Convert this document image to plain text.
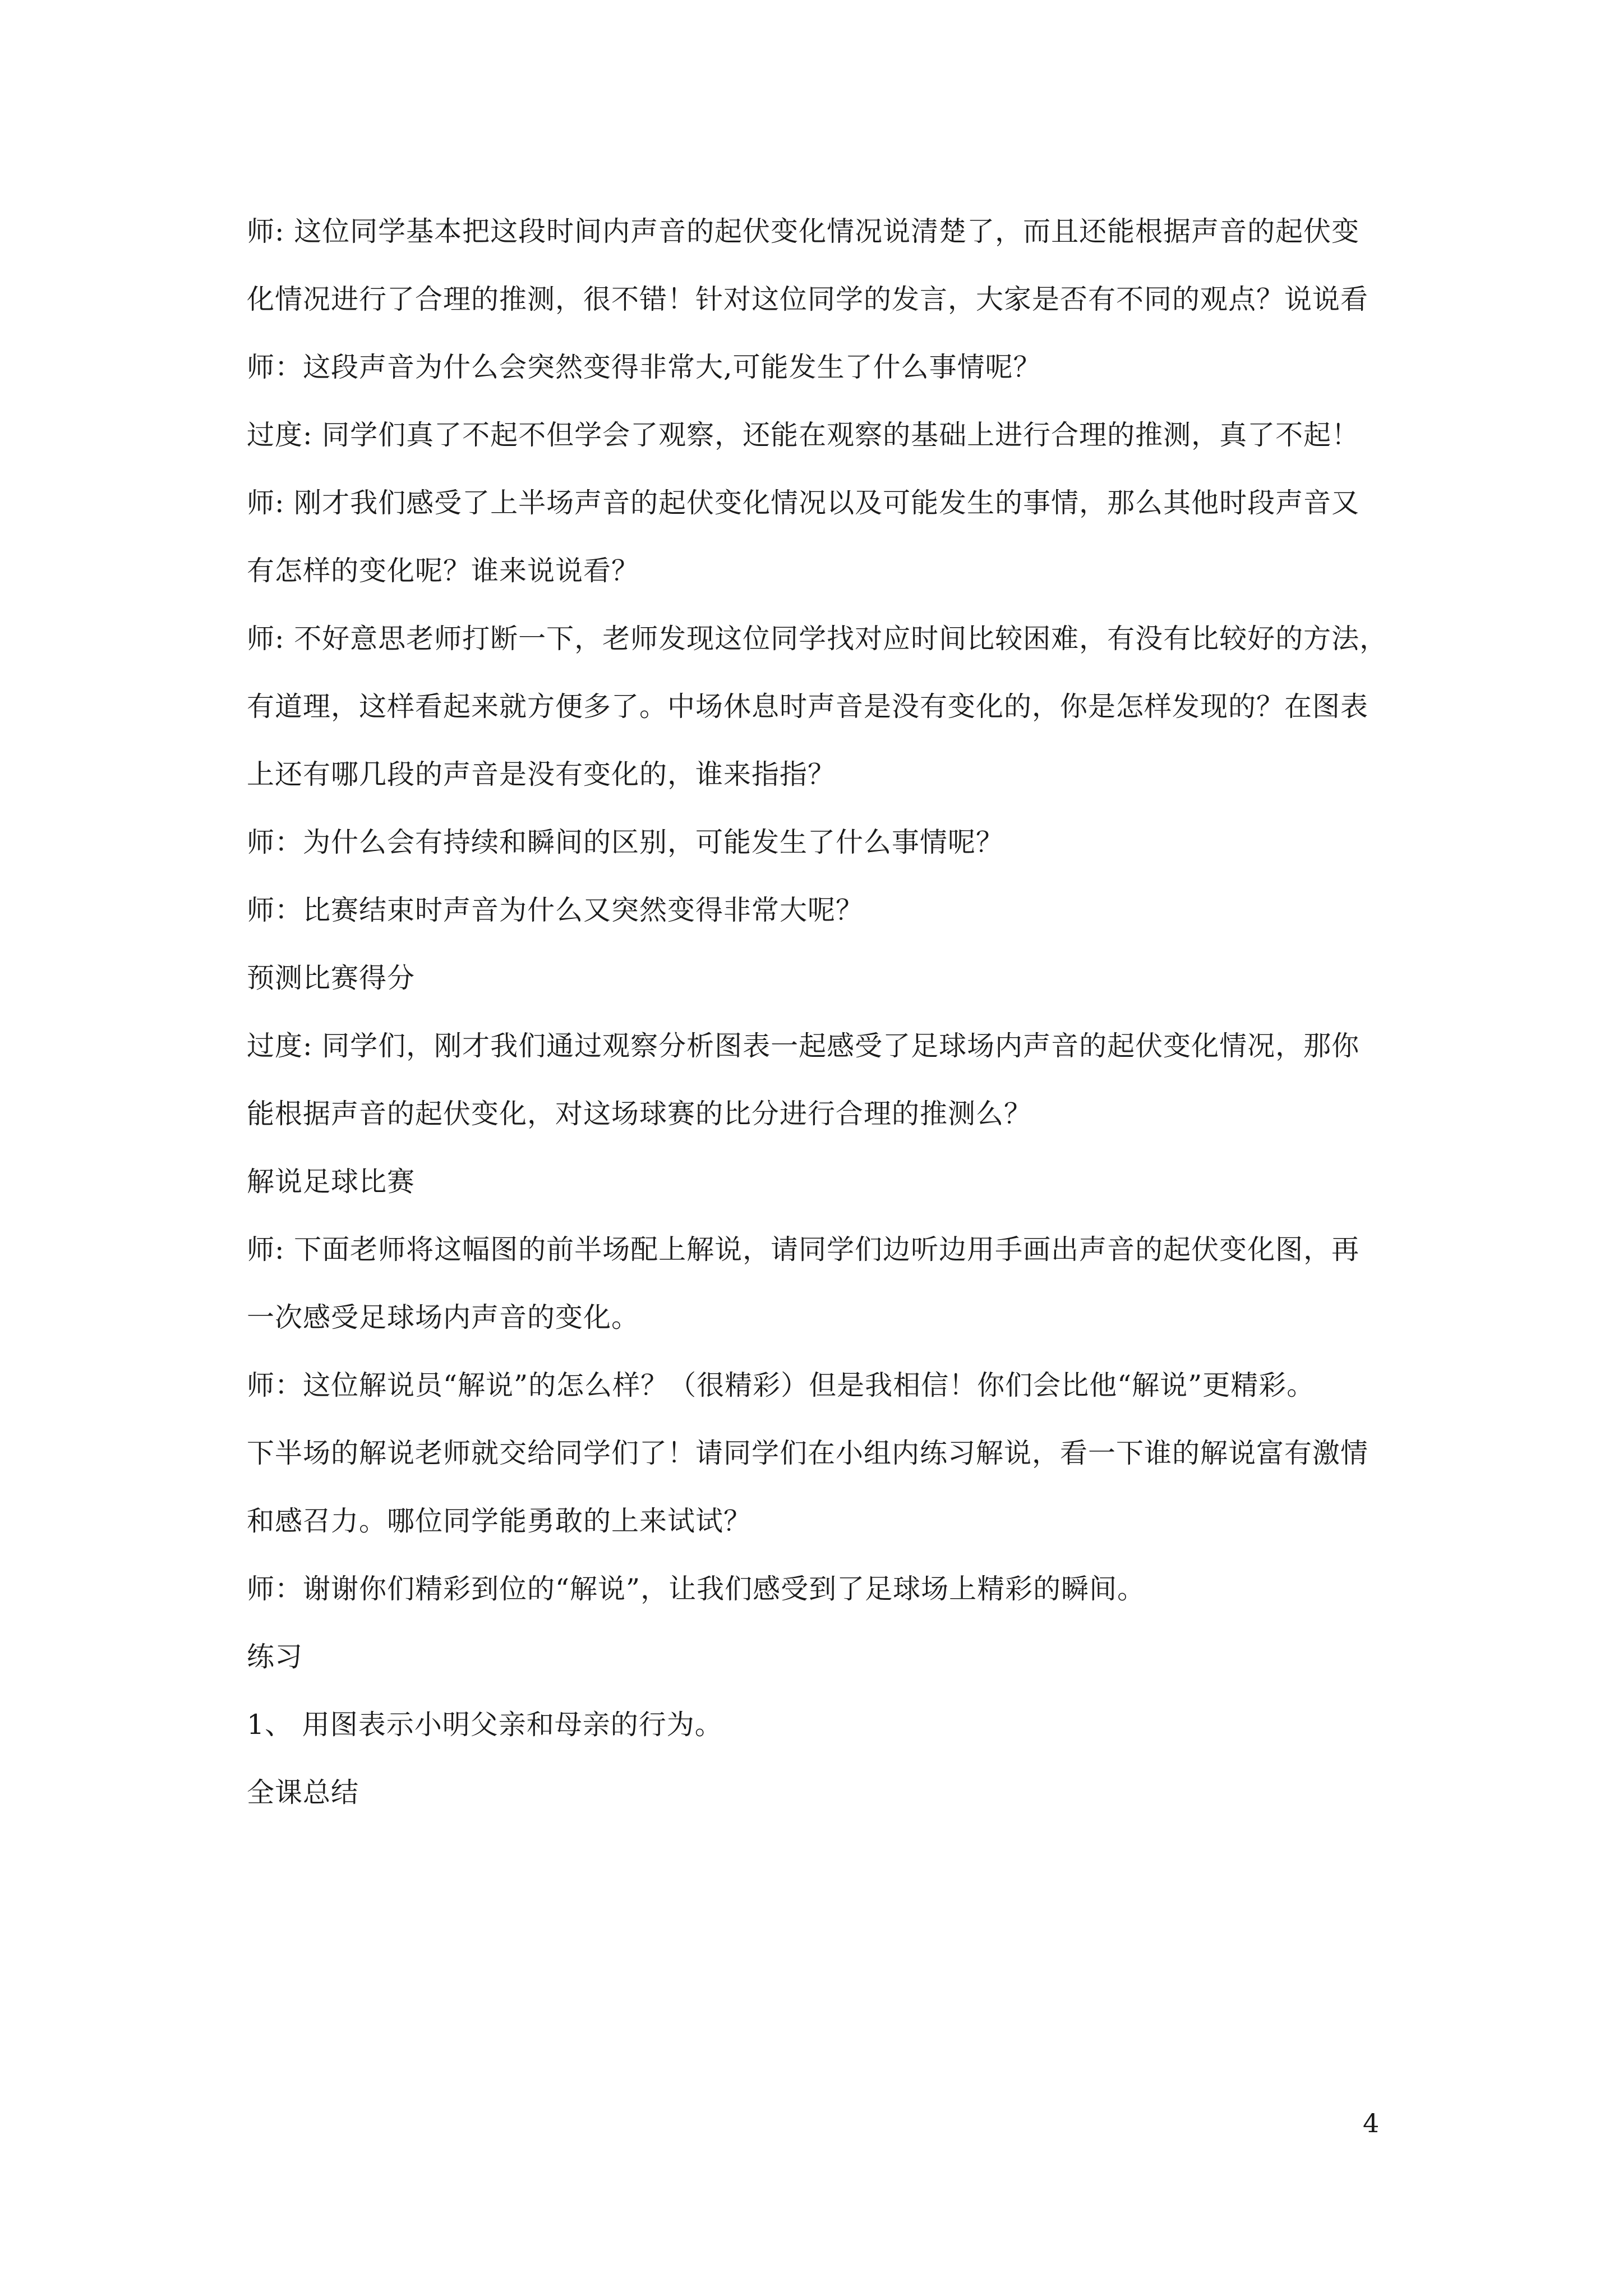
师: 这位同学基本把这段时间内声音的起伏变化情况说清楚了，而且还能根据声音的起伏变

化情况进行了合理的推测，很不错！针对这位同学的发言，大家是否有不同的观点？说说看

师：这段声音为什么会突然变得非常大,可能发生了什么事情呢？

过度: 同学们真了不起不但学会了观察，还能在观察的基础上进行合理的推测，真了不起！

师: 刚才我们感受了上半场声音的起伏变化情况以及可能发生的事情，那么其他时段声音又

有怎样的变化呢？谁来说说看？

师: 不好意思老师打断一下，老师发现这位同学找对应时间比较困难，有没有比较好的方法，

有道理，这样看起来就方便多了。中场休息时声音是没有变化的，你是怎样发现的？在图表

上还有哪几段的声音是没有变化的，谁来指指？

师：为什么会有持续和瞬间的区别，可能发生了什么事情呢？

师：比赛结束时声音为什么又突然变得非常大呢？

预测比赛得分

过度: 同学们，刚才我们通过观察分析图表一起感受了足球场内声音的起伏变化情况，那你

能根据声音的起伏变化，对这场球赛的比分进行合理的推测么？

解说足球比赛

师: 下面老师将这幅图的前半场配上解说，请同学们边听边用手画出声音的起伏变化图，再

一次感受足球场内声音的变化。

师：这位解说员“解说”的怎么样？（很精彩）但是我相信！你们会比他“解说”更精彩。

下半场的解说老师就交给同学们了！请同学们在小组内练习解说，看一下谁的解说富有激情

和感召力。哪位同学能勇敢的上来试试？

师：谢谢你们精彩到位的“解说”，让我们感受到了足球场上精彩的瞬间。

练习

1、 用图表示小明父亲和母亲的行为。

全课总结

4
